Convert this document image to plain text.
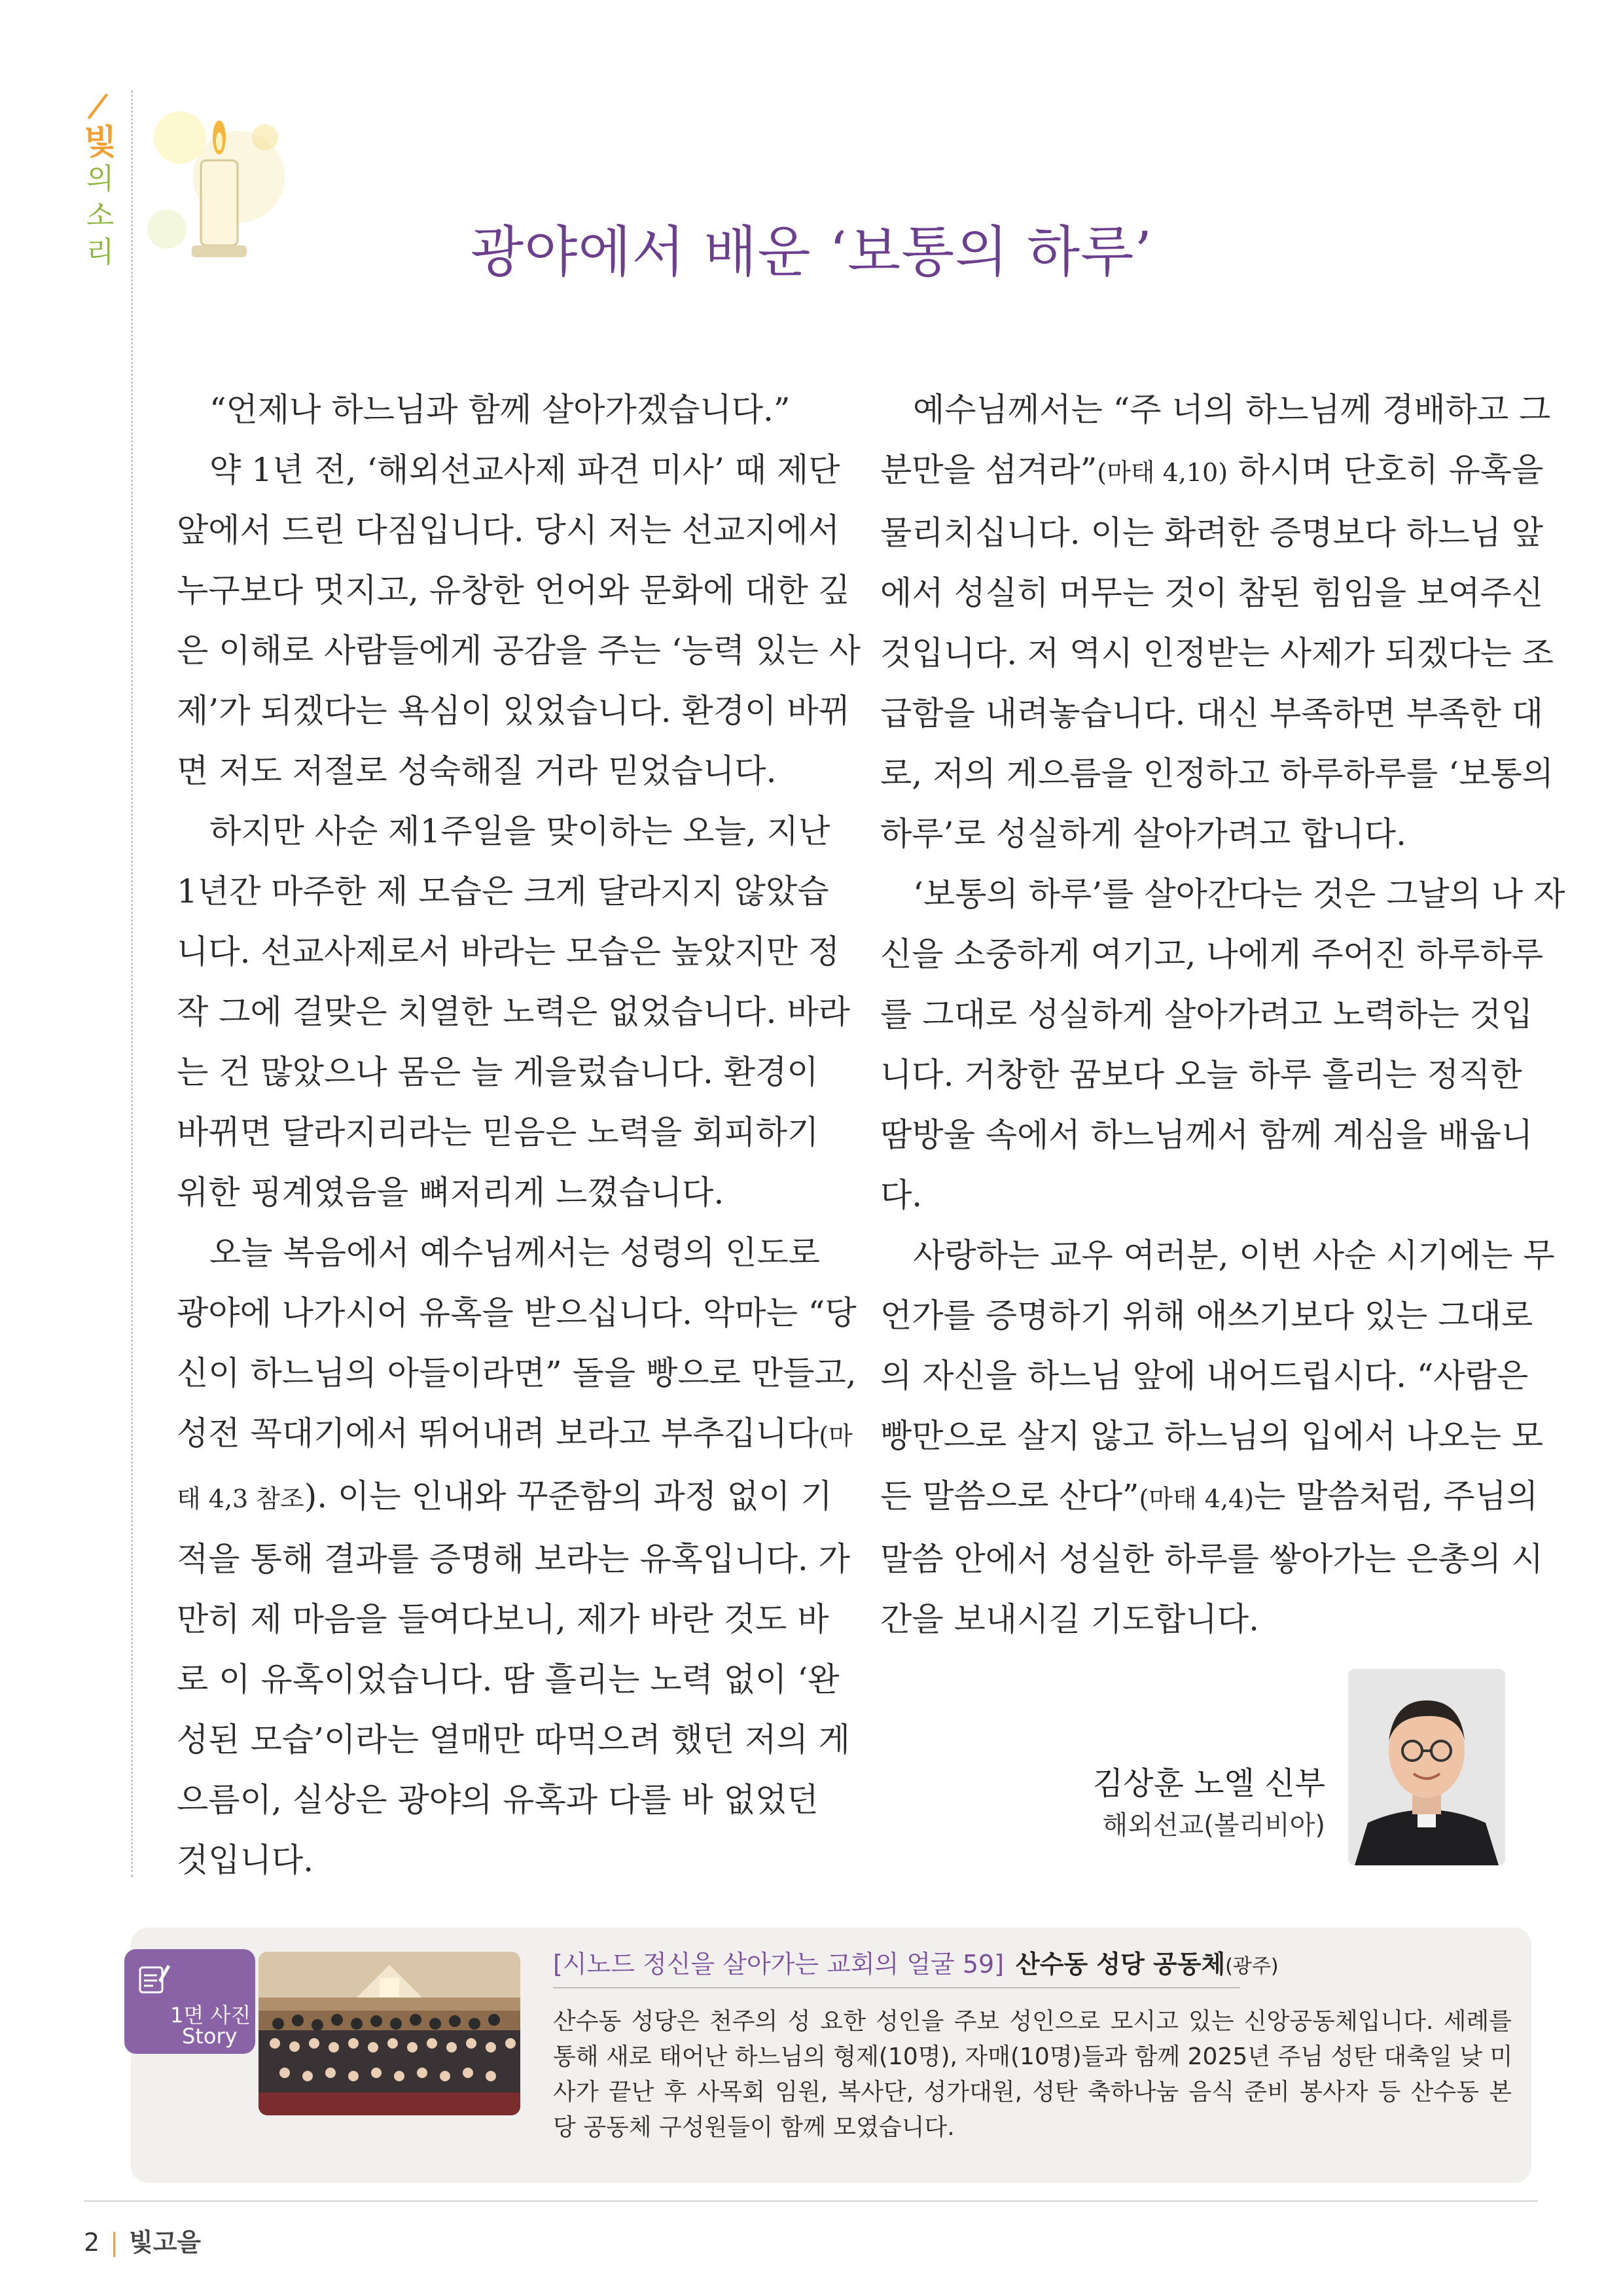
/
빛
의
소
리	광야에서 배운 ‘보통의 하루’
“언제나 하느님과 함께 살아가겠습니다.”
약 1년 전, ‘해외선교사제 파견 미사’ 때 제단
앞에서 드린 다짐입니다. 당시 저는 선교지에서
누구보다 멋지고, 유창한 언어와 문화에 대한 깊
은 이해로 사람들에게 공감을 주는 ‘능력 있는 사
제’가 되겠다는 욕심이 있었습니다. 환경이 바뀌
면 저도 저절로 성숙해질 거라 믿었습니다.
하지만 사순 제1주일을 맞이하는 오늘, 지난
1년간 마주한 제 모습은 크게 달라지지 않았습
니다. 선교사제로서 바라는 모습은 높았지만 정
작 그에 걸맞은 치열한 노력은 없었습니다. 바라
는 건 많았으나 몸은 늘 게을렀습니다. 환경이
바뀌면 달라지리라는 믿음은 노력을 회피하기
위한 핑계였음을 뼈저리게 느꼈습니다.
오늘 복음에서 예수님께서는 성령의 인도로
광야에 나가시어 유혹을 받으십니다. 악마는 “당
신이 하느님의 아들이라면” 돌을 빵으로 만들고,
성전 꼭대기에서 뛰어내려 보라고 부추깁니다(마
태 4,3 참조). 이는 인내와 꾸준함의 과정 없이 기
적을 통해 결과를 증명해 보라는 유혹입니다. 가
만히 제 마음을 들여다보니, 제가 바란 것도 바
로 이 유혹이었습니다. 땀 흘리는 노력 없이 ‘완
성된 모습’이라는 열매만 따먹으려 했던 저의 게
으름이, 실상은 광야의 유혹과 다를 바 없었던
것입니다.
예수님께서는 “주 너의 하느님께 경배하고 그
분만을 섬겨라”(마태 4,10) 하시며 단호히 유혹을
물리치십니다. 이는 화려한 증명보다 하느님 앞
에서 성실히 머무는 것이 참된 힘임을 보여주신
것입니다. 저 역시 인정받는 사제가 되겠다는 조
급함을 내려놓습니다. 대신 부족하면 부족한 대
로, 저의 게으름을 인정하고 하루하루를 ‘보통의
하루’로 성실하게 살아가려고 합니다.
‘보통의 하루’를 살아간다는 것은 그날의 나 자
신을 소중하게 여기고, 나에게 주어진 하루하루
를 그대로 성실하게 살아가려고 노력하는 것입
니다. 거창한 꿈보다 오늘 하루 흘리는 정직한
땀방울 속에서 하느님께서 함께 계심을 배웁니
다.
사랑하는 교우 여러분, 이번 사순 시기에는 무
언가를 증명하기 위해 애쓰기보다 있는 그대로
의 자신을 하느님 앞에 내어드립시다. “사람은
빵만으로 살지 않고 하느님의 입에서 나오는 모
든 말씀으로 산다”(마태 4,4)는 말씀처럼, 주님의
말씀 안에서 성실한 하루를 쌓아가는 은총의 시
간을 보내시길 기도합니다.
김상훈 노엘 신부
해외선교(볼리비아)
1면 사진
Story
[시노드 정신을 살아가는 교회의 얼굴 59] 산수동 성당 공동체(광주)
산수동 성당은 천주의 성 요한 성인을 주보 성인으로 모시고 있는 신앙공동체입니다. 세례를
통해 새로 태어난 하느님의 형제(10명), 자매(10명)들과 함께 2025년 주님 성탄 대축일 낮 미
사가 끝난 후 사목회 임원, 복사단, 성가대원, 성탄 축하나눔 음식 준비 봉사자 등 산수동 본
당 공동체 구성원들이 함께 모였습니다.
2 | 빛고을
